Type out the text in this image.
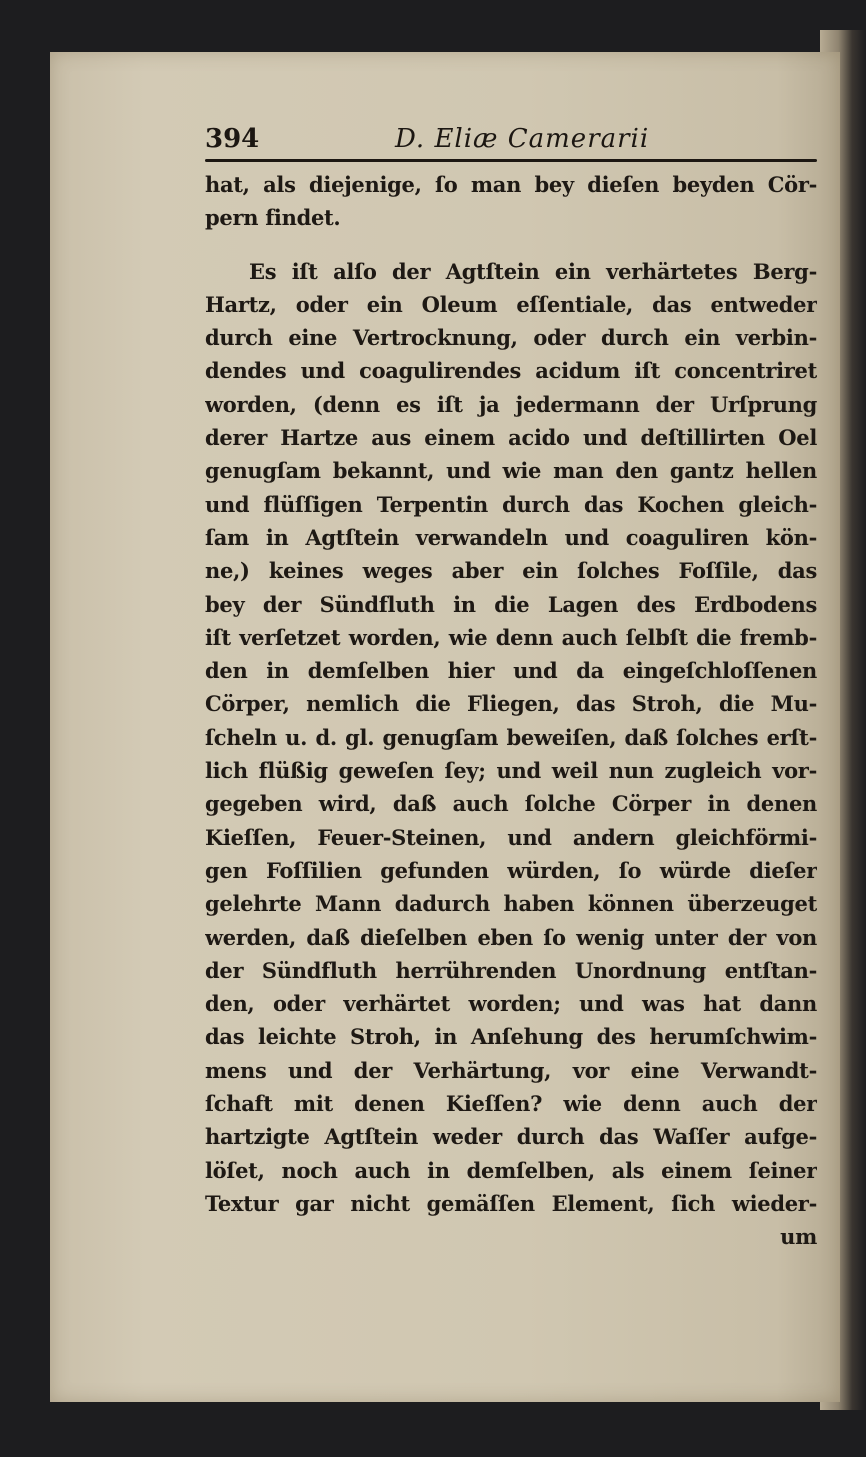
394	D. Eliæ Camerarii
hat, als diejenige, ſo man bey dieſen beyden Cör-
pern findet.
Es iſt alſo der Agtſtein ein verhärtetes Berg-
Hartz, oder ein Oleum eſſentiale, das entweder
durch eine Vertrocknung, oder durch ein verbin-
dendes und coagulirendes acidum iſt concentriret
worden, (denn es iſt ja jedermann der Urſprung
derer Hartze aus einem acido und deſtillirten Oel
genugſam bekannt, und wie man den gantz hellen
und flüſſigen Terpentin durch das Kochen gleich-
ſam in Agtſtein verwandeln und coaguliren kön-
ne,) keines weges aber ein ſolches Foſſile, das
bey der Sündfluth in die Lagen des Erdbodens
iſt verſetzet worden, wie denn auch ſelbſt die fremb-
den in demſelben hier und da eingeſchloſſenen
Cörper, nemlich die Fliegen, das Stroh, die Mu-
ſcheln u. d. gl. genugſam beweiſen, daß ſolches erſt-
lich flüßig geweſen ſey; und weil nun zugleich vor-
gegeben wird, daß auch ſolche Cörper in denen
Kieſſen, Feuer-Steinen, und andern gleichförmi-
gen Foſſilien gefunden würden, ſo würde dieſer
gelehrte Mann dadurch haben können überzeuget
werden, daß dieſelben eben ſo wenig unter der von
der Sündfluth herrührenden Unordnung entſtan-
den, oder verhärtet worden; und was hat dann
das leichte Stroh, in Anſehung des herumſchwim-
mens und der Verhärtung, vor eine Verwandt-
ſchaft mit denen Kieſſen? wie denn auch der
hartzigte Agtſtein weder durch das Waſſer aufge-
löſet, noch auch in demſelben, als einem ſeiner
Textur gar nicht gemäſſen Element, ſich wieder-
um
